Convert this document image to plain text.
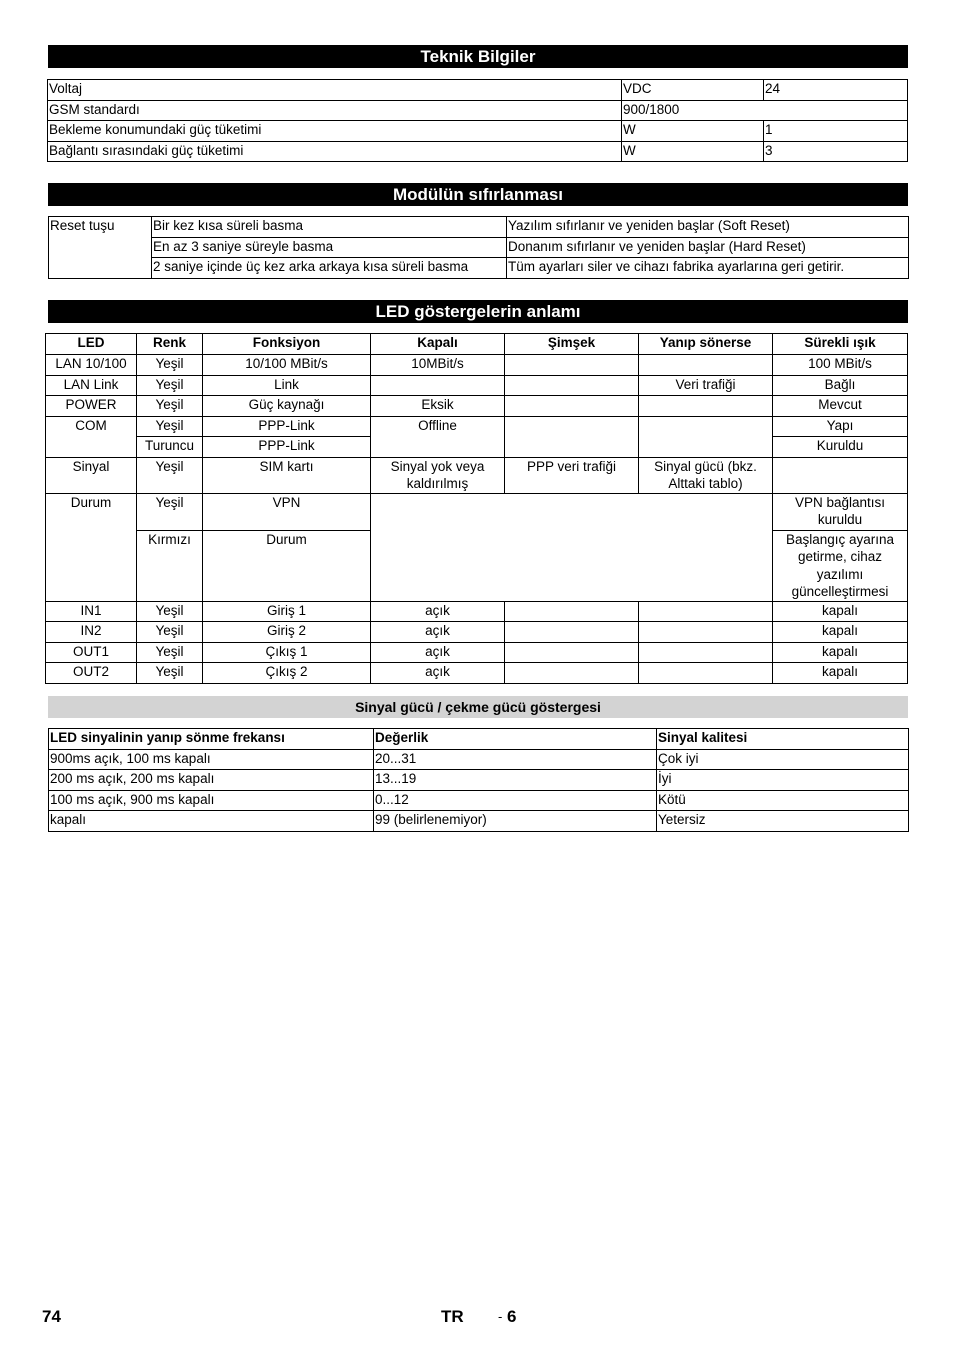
Teknik Bilgiler
Voltaj	VDC	24
GSM standardı	900/1800	
Bekleme konumundaki güç tüketimi	W	1
Bağlantı sırasındaki güç tüketimi	W	3
Modülün sıfırlanması
Reset tuşu	Bir kez kısa süreli basma	Yazılım sıfırlanır ve yeniden başlar (Soft Reset)
	En az 3 saniye süreyle basma	Donanım sıfırlanır ve yeniden başlar (Hard Reset)
	2 saniye içinde üç kez arka arkaya kısa süreli basma	Tüm ayarları siler ve cihazı fabrika ayarlarına geri getirir.
LED göstergelerin anlamı
LED	Renk	Fonksiyon	Kapalı	Şimşek	Yanıp sönerse	Sürekli ışık
LAN 10/100	Yeşil	10/100 MBit/s	10MBit/s			100 MBit/s
LAN Link	Yeşil	Link			Veri trafiği	Bağlı
POWER	Yeşil	Güç kaynağı	Eksik			Mevcut
COM	Yeşil	PPP-Link	Offline			Yapı
	Turuncu	PPP-Link				Kuruldu
Sinyal	Yeşil	SIM kartı	Sinyal yok veya kaldırılmış	PPP veri trafiği	Sinyal gücü (bkz. Alttaki tablo)	
Durum	Yeşil	VPN				VPN bağlantısı kuruldu
	Kırmızı	Durum				Başlangıç ayarına getirme, cihaz yazılımı güncelleştirmesi
IN1	Yeşil	Giriş 1	açık			kapalı
IN2	Yeşil	Giriş 2	açık			kapalı
OUT1	Yeşil	Çıkış 1	açık			kapalı
OUT2	Yeşil	Çıkış 2	açık			kapalı
Sinyal gücü / çekme gücü göstergesi
LED sinyalinin yanıp sönme frekansı	Değerlik	Sinyal kalitesi
900ms açık, 100 ms kapalı	20...31	Çok iyi
200 ms açık, 200 ms kapalı	13...19	İyi
100 ms açık, 900 ms kapalı	0...12	Kötü
kapalı	99 (belirlenemiyor)	Yetersiz
74	TR	- 6
